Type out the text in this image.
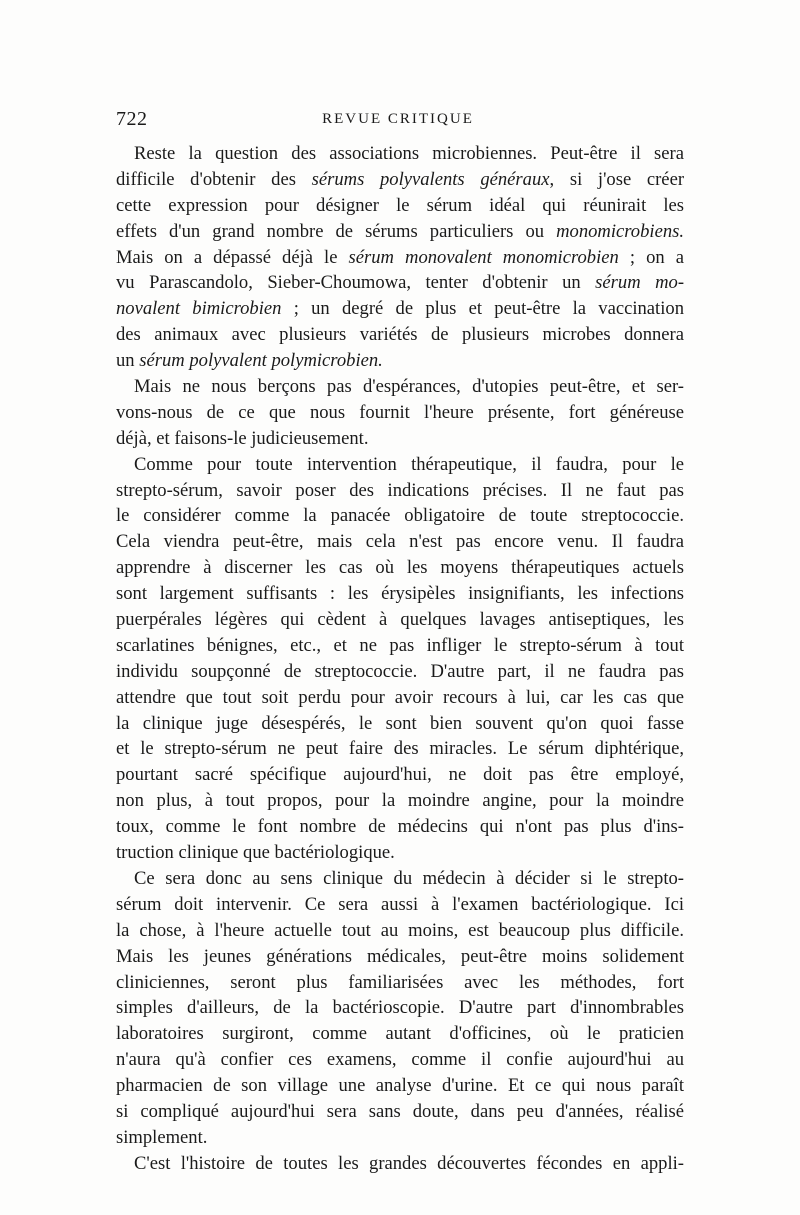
722	REVUE CRITIQUE
Reste la question des associations microbiennes. Peut-être il sera
difficile d'obtenir des sérums polyvalents généraux, si j'ose créer
cette expression pour désigner le sérum idéal qui réunirait les
effets d'un grand nombre de sérums particuliers ou monomicrobiens.
Mais on a dépassé déjà le sérum monovalent monomicrobien ; on a
vu Parascandolo, Sieber-Choumowa, tenter d'obtenir un sérum mo-
novalent bimicrobien ; un degré de plus et peut-être la vaccination
des animaux avec plusieurs variétés de plusieurs microbes donnera
un sérum polyvalent polymicrobien.
Mais ne nous berçons pas d'espérances, d'utopies peut-être, et ser-
vons-nous de ce que nous fournit l'heure présente, fort généreuse
déjà, et faisons-le judicieusement.
Comme pour toute intervention thérapeutique, il faudra, pour le
strepto-sérum, savoir poser des indications précises. Il ne faut pas
le considérer comme la panacée obligatoire de toute streptococcie.
Cela viendra peut-être, mais cela n'est pas encore venu. Il faudra
apprendre à discerner les cas où les moyens thérapeutiques actuels
sont largement suffisants : les érysipèles insignifiants, les infections
puerpérales légères qui cèdent à quelques lavages antiseptiques, les
scarlatines bénignes, etc., et ne pas infliger le strepto-sérum à tout
individu soupçonné de streptococcie. D'autre part, il ne faudra pas
attendre que tout soit perdu pour avoir recours à lui, car les cas que
la clinique juge désespérés, le sont bien souvent qu'on quoi fasse
et le strepto-sérum ne peut faire des miracles. Le sérum diphtérique,
pourtant sacré spécifique aujourd'hui, ne doit pas être employé,
non plus, à tout propos, pour la moindre angine, pour la moindre
toux, comme le font nombre de médecins qui n'ont pas plus d'ins-
truction clinique que bactériologique.
Ce sera donc au sens clinique du médecin à décider si le strepto-
sérum doit intervenir. Ce sera aussi à l'examen bactériologique. Ici
la chose, à l'heure actuelle tout au moins, est beaucoup plus difficile.
Mais les jeunes générations médicales, peut-être moins solidement
cliniciennes, seront plus familiarisées avec les méthodes, fort
simples d'ailleurs, de la bactérioscopie. D'autre part d'innombrables
laboratoires surgiront, comme autant d'officines, où le praticien
n'aura qu'à confier ces examens, comme il confie aujourd'hui au
pharmacien de son village une analyse d'urine. Et ce qui nous paraît
si compliqué aujourd'hui sera sans doute, dans peu d'années, réalisé
simplement.
C'est l'histoire de toutes les grandes découvertes fécondes en appli-
